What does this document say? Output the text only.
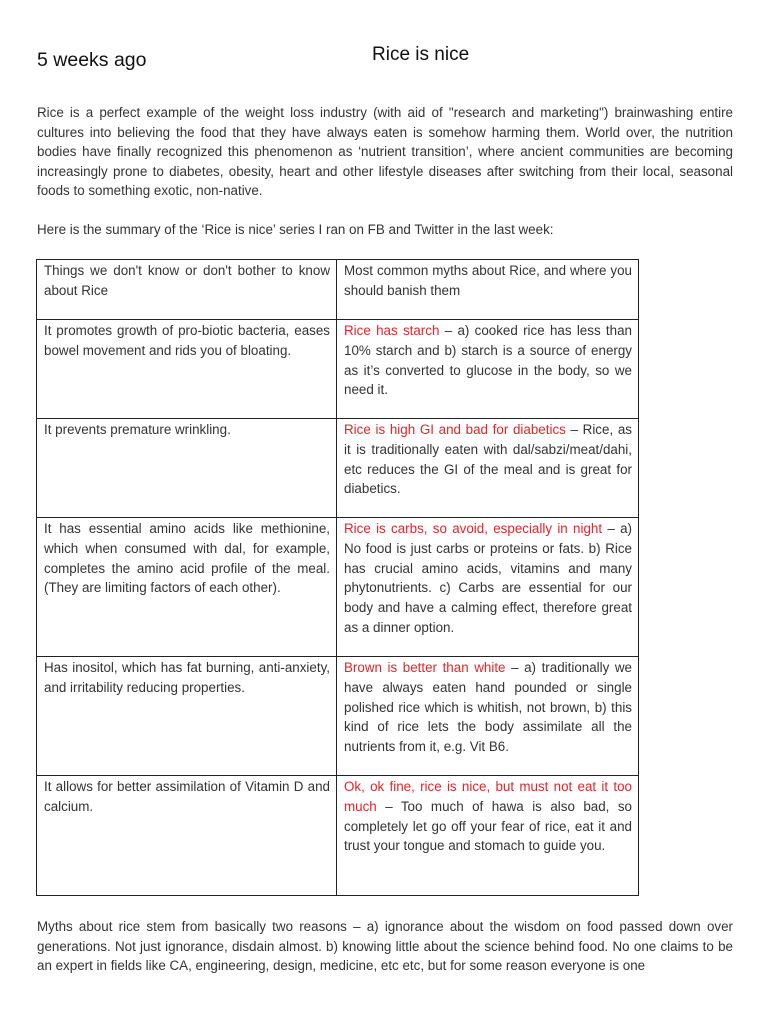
5 weeks ago	Rice is nice

Rice is a perfect example of the weight loss industry (with aid of "research and marketing") brainwashing entire cultures into believing the food that they have always eaten is somehow harming them. World over, the nutrition bodies have finally recognized this phenomenon as ‘nutrient transition’, where ancient communities are becoming increasingly prone to diabetes, obesity, heart and other lifestyle diseases after switching from their local, seasonal foods to something exotic, non-native.

Here is the summary of the ‘Rice is nice’ series I ran on FB and Twitter in the last week:

Things we don't know or don't bother to know about Rice	Most common myths about Rice, and where you should banish them
It promotes growth of pro-biotic bacteria, eases bowel movement and rids you of bloating.	Rice has starch – a) cooked rice has less than 10% starch and b) starch is a source of energy as it’s converted to glucose in the body, so we need it.
It prevents premature wrinkling.	Rice is high GI and bad for diabetics – Rice, as it is traditionally eaten with dal/sabzi/meat/dahi, etc reduces the GI of the meal and is great for diabetics.
It has essential amino acids like methionine, which when consumed with dal, for example, completes the amino acid profile of the meal. (They are limiting factors of each other).	Rice is carbs, so avoid, especially in night – a) No food is just carbs or proteins or fats. b) Rice has crucial amino acids, vitamins and many phytonutrients. c) Carbs are essential for our body and have a calming effect, therefore great as a dinner option.
Has inositol, which has fat burning, anti-anxiety, and irritability reducing properties.	Brown is better than white – a) traditionally we have always eaten hand pounded or single polished rice which is whitish, not brown, b) this kind of rice lets the body assimilate all the nutrients from it, e.g. Vit B6.
It allows for better assimilation of Vitamin D and calcium.	Ok, ok fine, rice is nice, but must not eat it too much – Too much of hawa is also bad, so completely let go off your fear of rice, eat it and trust your tongue and stomach to guide you.

Myths about rice stem from basically two reasons – a) ignorance about the wisdom on food passed down over generations. Not just ignorance, disdain almost. b) knowing little about the science behind food. No one claims to be an expert in fields like CA, engineering, design, medicine, etc etc, but for some reason everyone is one
